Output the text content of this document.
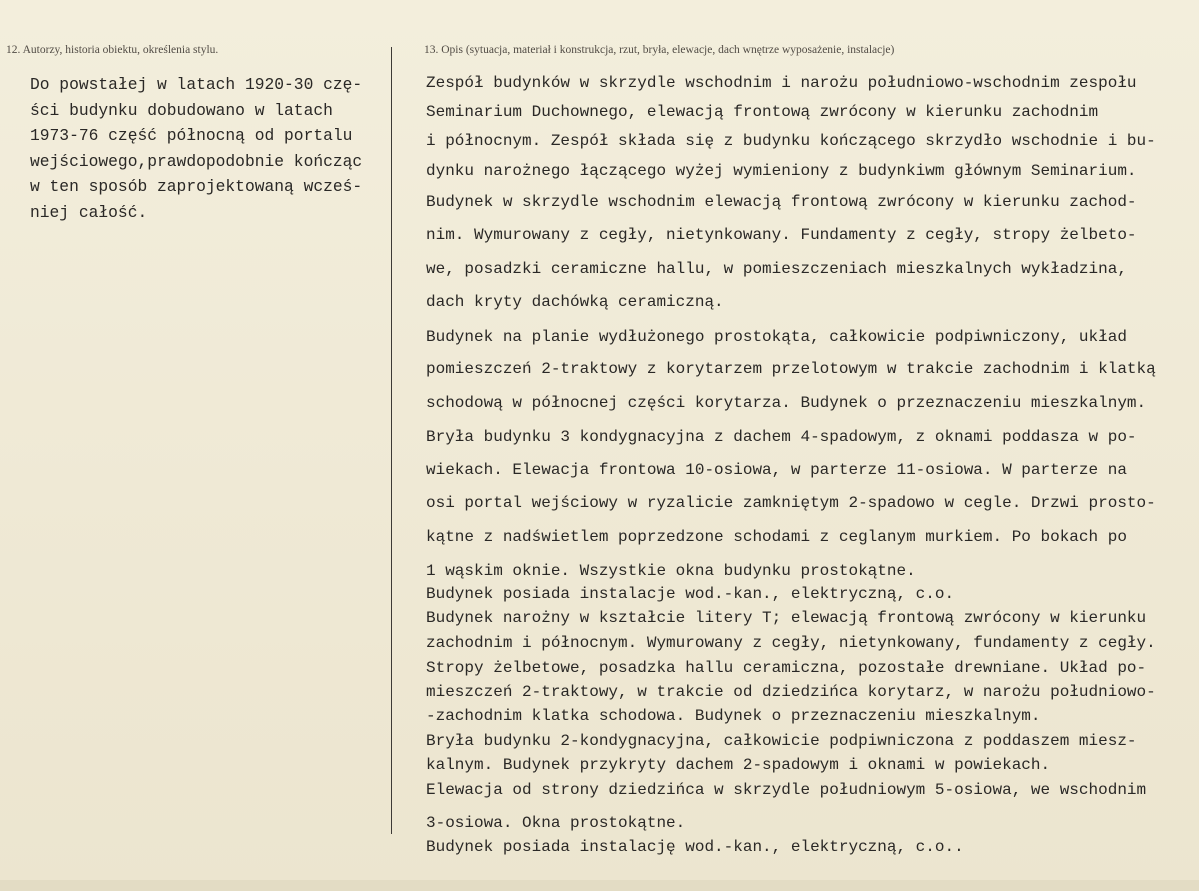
12. Autorzy, historia obiektu, określenia stylu.	13. Opis (sytuacja, materiał i konstrukcja, rzut, bryła, elewacje, dach wnętrze wyposażenie, instalacje)
Do powstałej w latach 1920-30 czę-
ści budynku dobudowano w latach
1973-76 część północną od portalu
wejściowego,prawdopodobnie kończąc
w ten sposób zaprojektowaną wcześ-
niej całość.
Zespół budynków w skrzydle wschodnim i narożu południowo-wschodnim zespołu
Seminarium Duchownego, elewacją frontową zwrócony w kierunku zachodnim
i północnym. Zespół składa się z budynku kończącego skrzydło wschodnie i bu-
dynku narożnego łączącego wyżej wymieniony z budynkiwm głównym Seminarium.
Budynek w skrzydle wschodnim elewacją frontową zwrócony w kierunku zachod-
nim. Wymurowany z cegły, nietynkowany. Fundamenty z cegły, stropy żelbeto-
we, posadzki ceramiczne hallu, w pomieszczeniach mieszkalnych wykładzina,
dach kryty dachówką ceramiczną.
Budynek na planie wydłużonego prostokąta, całkowicie podpiwniczony, układ
pomieszczeń 2-traktowy z korytarzem przelotowym w trakcie zachodnim i klatką
schodową w północnej części korytarza. Budynek o przeznaczeniu mieszkalnym.
Bryła budynku 3 kondygnacyjna z dachem 4-spadowym, z oknami poddasza w po-
wiekach. Elewacja frontowa 10-osiowa, w parterze 11-osiowa. W parterze na
osi portal wejściowy w ryzalicie zamkniętym 2-spadowo w cegle. Drzwi prosto-
kątne z nadświetlem poprzedzone schodami z ceglanym murkiem. Po bokach po
1 wąskim oknie. Wszystkie okna budynku prostokątne.
Budynek posiada instalacje wod.-kan., elektryczną, c.o.
Budynek narożny w kształcie litery T; elewacją frontową zwrócony w kierunku
zachodnim i północnym. Wymurowany z cegły, nietynkowany, fundamenty z cegły.
Stropy żelbetowe, posadzka hallu ceramiczna, pozostałe drewniane. Układ po-
mieszczeń 2-traktowy, w trakcie od dziedzińca korytarz, w narożu południowo-
-zachodnim klatka schodowa. Budynek o przeznaczeniu mieszkalnym.
Bryła budynku 2-kondygnacyjna, całkowicie podpiwniczona z poddaszem miesz-
kalnym. Budynek przykryty dachem 2-spadowym i oknami w powiekach.
Elewacja od strony dziedzińca w skrzydle południowym 5-osiowa, we wschodnim
3-osiowa. Okna prostokątne.
Budynek posiada instalację wod.-kan., elektryczną, c.o..
